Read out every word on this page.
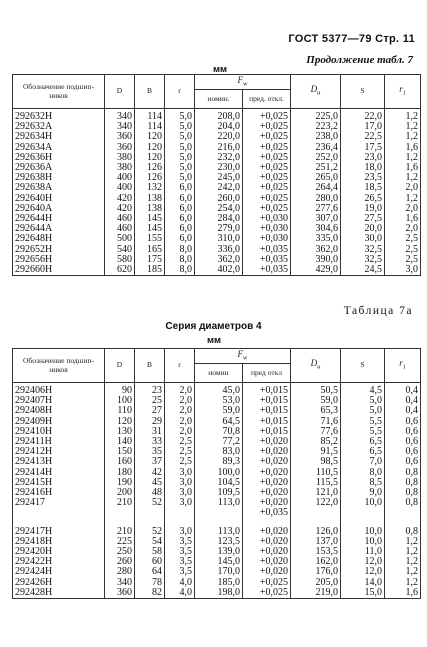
ГОСТ 5377—79 Стр. 11
мм
Продолжение табл. 7
Обозначение подшип-ников	D	B	r	$F_w$		$D_н$	S	$r_1$
				номин.	пред. откл.			
292632H	340	114	5,0	208,0	+0,025	225,0	22,0	1,2
292632A	340	114	5,0	204,0	+0,025	223,2	17,0	1,2
292634H	360	120	5,0	220,0	+0,025	238,0	22,5	1,2
292634A	360	120	5,0	216,0	+0,025	236,4	17,5	1,6
292636H	380	120	5,0	232,0	+0,025	252,0	23,0	1,2
292636A	380	126	5,0	230,0	+0,025	251,2	18,0	1,6
292638H	400	126	5,0	245,0	+0,025	265,0	23,5	1,2
292638A	400	132	6,0	242,0	+0,025	264,4	18,5	2,0
292640H	420	138	6,0	260,0	+0,025	280,0	26,5	1,2
292640A	420	138	6,0	254,0	+0,025	277,6	19,0	2,0
292644H	460	145	6,0	284,0	+0,030	307,0	27,5	1,6
292644A	460	145	6,0	279,0	+0,030	304,6	20,0	2,0
292648H	500	155	6,0	310,0	+0,030	335,0	30,0	2,5
292652H	540	165	8,0	336,0	+0,035	362,0	32,5	2,5
292656H	580	175	8,0	362,0	+0,035	390,0	32,5	2,5
292660H	620	185	8,0	402,0	+0,035	429,0	24,5	3,0
Таблица 7а
Серия диаметров 4
мм
Обозначение подшип-ников	D	B	r	$F_w$		$D_н$	S	$r_1$
				номин	пред откл			
292406H	90	23	2,0	45,0	+0,015	50,5	4,5	0,4
292407H	100	25	2,0	53,0	+0,015	59,0	5,0	0,4
292408H	110	27	2,0	59,0	+0,015	65,3	5,0	0,4
292409H	120	29	2,0	64,5	+0,015	71,6	5,5	0,6
292410H	130	31	2,0	70,8	+0,015	77,6	5,5	0,6
292411H	140	33	2,5	77,2	+0,020	85,2	6,5	0,6
292412H	150	35	2,5	83,0	+0,020	91,5	6,5	0,6
292413H	160	37	2,5	89,3	+0,020	98,5	7,0	0,6
292414H	180	42	3,0	100,0	+0,020	110,5	8,0	0,8
292415H	190	45	3,0	104,5	+0,020	115,5	8,5	0,8
292416H	200	48	3,0	109,5	+0,020	121,0	9,0	0,8
292417	210	52	3,0	113,0	+0,020	122,0	10,0	0,8
					+0,035			

292417H	210	52	3,0	113,0	+0,020	126,0	10,0	0,8
292418H	225	54	3,5	123,5	+0,020	137,0	10,0	1,2
292420H	250	58	3,5	139,0	+0,020	153,5	11,0	1,2
292422H	260	60	3,5	145,0	+0,020	162,0	12,0	1,2
292424H	280	64	3,5	170,0	+0,020	176,0	12,0	1,2
292426H	340	78	4,0	185,0	+0,025	205,0	14,0	1,2
292428H	360	82	4,0	198,0	+0,025	219,0	15,0	1,6
